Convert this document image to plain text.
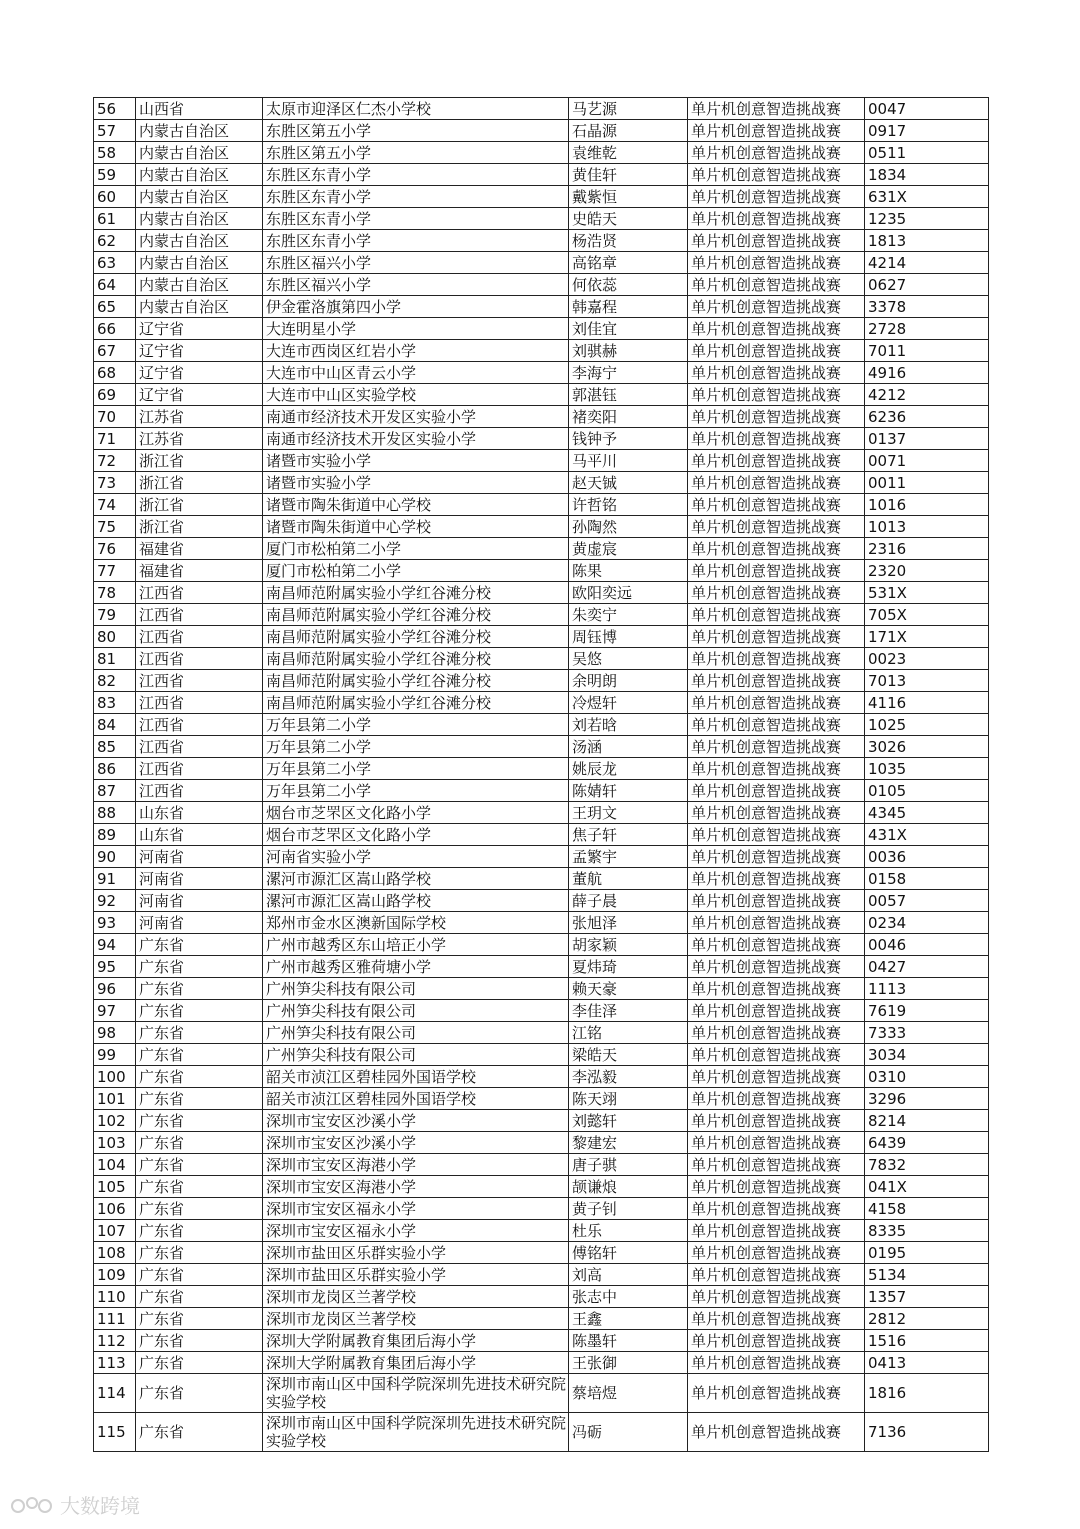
56	山西省	太原市迎泽区仁杰小学校	马艺源	单片机创意智造挑战赛	0047
57	内蒙古自治区	东胜区第五小学	石晶源	单片机创意智造挑战赛	0917
58	内蒙古自治区	东胜区第五小学	袁维乾	单片机创意智造挑战赛	0511
59	内蒙古自治区	东胜区东青小学	黄佳轩	单片机创意智造挑战赛	1834
60	内蒙古自治区	东胜区东青小学	戴紫恒	单片机创意智造挑战赛	631X
61	内蒙古自治区	东胜区东青小学	史皓天	单片机创意智造挑战赛	1235
62	内蒙古自治区	东胜区东青小学	杨浩贤	单片机创意智造挑战赛	1813
63	内蒙古自治区	东胜区福兴小学	高铭章	单片机创意智造挑战赛	4214
64	内蒙古自治区	东胜区福兴小学	何依蕊	单片机创意智造挑战赛	0627
65	内蒙古自治区	伊金霍洛旗第四小学	韩嘉程	单片机创意智造挑战赛	3378
66	辽宁省	大连明星小学	刘佳宜	单片机创意智造挑战赛	2728
67	辽宁省	大连市西岗区红岩小学	刘骐赫	单片机创意智造挑战赛	7011
68	辽宁省	大连市中山区青云小学	李海宁	单片机创意智造挑战赛	4916
69	辽宁省	大连市中山区实验学校	郭湛钰	单片机创意智造挑战赛	4212
70	江苏省	南通市经济技术开发区实验小学	褚奕阳	单片机创意智造挑战赛	6236
71	江苏省	南通市经济技术开发区实验小学	钱钟予	单片机创意智造挑战赛	0137
72	浙江省	诸暨市实验小学	马平川	单片机创意智造挑战赛	0071
73	浙江省	诸暨市实验小学	赵天铖	单片机创意智造挑战赛	0011
74	浙江省	诸暨市陶朱街道中心学校	许哲铭	单片机创意智造挑战赛	1016
75	浙江省	诸暨市陶朱街道中心学校	孙陶然	单片机创意智造挑战赛	1013
76	福建省	厦门市松柏第二小学	黄虚宸	单片机创意智造挑战赛	2316
77	福建省	厦门市松柏第二小学	陈果	单片机创意智造挑战赛	2320
78	江西省	南昌师范附属实验小学红谷滩分校	欧阳奕远	单片机创意智造挑战赛	531X
79	江西省	南昌师范附属实验小学红谷滩分校	朱奕宁	单片机创意智造挑战赛	705X
80	江西省	南昌师范附属实验小学红谷滩分校	周钰博	单片机创意智造挑战赛	171X
81	江西省	南昌师范附属实验小学红谷滩分校	吴悠	单片机创意智造挑战赛	0023
82	江西省	南昌师范附属实验小学红谷滩分校	余明朗	单片机创意智造挑战赛	7013
83	江西省	南昌师范附属实验小学红谷滩分校	冷煜轩	单片机创意智造挑战赛	4116
84	江西省	万年县第二小学	刘若晗	单片机创意智造挑战赛	1025
85	江西省	万年县第二小学	汤涵	单片机创意智造挑战赛	3026
86	江西省	万年县第二小学	姚辰龙	单片机创意智造挑战赛	1035
87	江西省	万年县第二小学	陈婧轩	单片机创意智造挑战赛	0105
88	山东省	烟台市芝罘区文化路小学	王玥文	单片机创意智造挑战赛	4345
89	山东省	烟台市芝罘区文化路小学	焦子轩	单片机创意智造挑战赛	431X
90	河南省	河南省实验小学	孟繁宇	单片机创意智造挑战赛	0036
91	河南省	漯河市源汇区嵩山路学校	董航	单片机创意智造挑战赛	0158
92	河南省	漯河市源汇区嵩山路学校	薛子晨	单片机创意智造挑战赛	0057
93	河南省	郑州市金水区澳新国际学校	张旭泽	单片机创意智造挑战赛	0234
94	广东省	广州市越秀区东山培正小学	胡家颖	单片机创意智造挑战赛	0046
95	广东省	广州市越秀区雅荷塘小学	夏炜琦	单片机创意智造挑战赛	0427
96	广东省	广州笋尖科技有限公司	赖天豪	单片机创意智造挑战赛	1113
97	广东省	广州笋尖科技有限公司	李佳泽	单片机创意智造挑战赛	7619
98	广东省	广州笋尖科技有限公司	江铭	单片机创意智造挑战赛	7333
99	广东省	广州笋尖科技有限公司	梁皓天	单片机创意智造挑战赛	3034
100	广东省	韶关市浈江区碧桂园外国语学校	李泓毅	单片机创意智造挑战赛	0310
101	广东省	韶关市浈江区碧桂园外国语学校	陈天翊	单片机创意智造挑战赛	3296
102	广东省	深圳市宝安区沙溪小学	刘懿轩	单片机创意智造挑战赛	8214
103	广东省	深圳市宝安区沙溪小学	黎建宏	单片机创意智造挑战赛	6439
104	广东省	深圳市宝安区海港小学	唐子骐	单片机创意智造挑战赛	7832
105	广东省	深圳市宝安区海港小学	颉谦烺	单片机创意智造挑战赛	041X
106	广东省	深圳市宝安区福永小学	黄子钊	单片机创意智造挑战赛	4158
107	广东省	深圳市宝安区福永小学	杜乐	单片机创意智造挑战赛	8335
108	广东省	深圳市盐田区乐群实验小学	傅铭轩	单片机创意智造挑战赛	0195
109	广东省	深圳市盐田区乐群实验小学	刘高	单片机创意智造挑战赛	5134
110	广东省	深圳市龙岗区兰著学校	张志中	单片机创意智造挑战赛	1357
111	广东省	深圳市龙岗区兰著学校	王鑫	单片机创意智造挑战赛	2812
112	广东省	深圳大学附属教育集团后海小学	陈墨轩	单片机创意智造挑战赛	1516
113	广东省	深圳大学附属教育集团后海小学	王张御	单片机创意智造挑战赛	0413
114	广东省	深圳市南山区中国科学院深圳先进技术研究院实验学校	蔡培煜	单片机创意智造挑战赛	1816
115	广东省	深圳市南山区中国科学院深圳先进技术研究院实验学校	冯砺	单片机创意智造挑战赛	7136
大数跨境
